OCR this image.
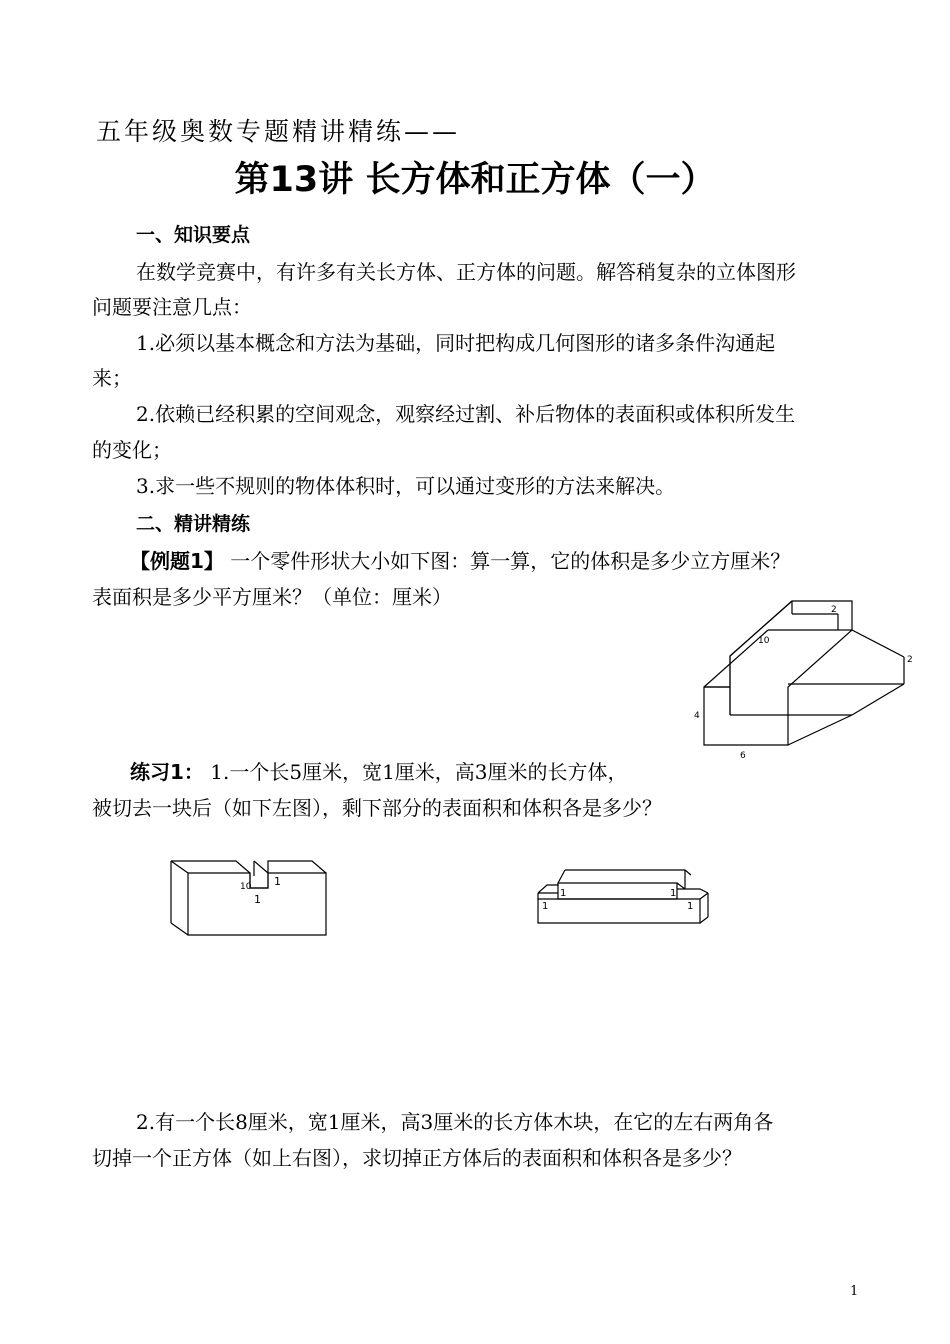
五年级奥数专题精讲精练——
第13讲 长方体和正方体（一）
一、知识要点
在数学竞赛中，有许多有关长方体、正方体的问题。解答稍复杂的立体图形
问题要注意几点：
1.必须以基本概念和方法为基础，同时把构成几何图形的诸多条件沟通起
来；
2.依赖已经积累的空间观念，观察经过割、补后物体的表面积或体积所发生
的变化；
3.求一些不规则的物体体积时，可以通过变形的方法来解决。
二、精讲精练
【例题1】 一个零件形状大小如下图：算一算，它的体积是多少立方厘米？
表面积是多少平方厘米？（单位：厘米）
2
10
2
4
6
练习1： 1.一个长5厘米，宽1厘米，高3厘米的长方体，
被切去一块后（如下左图），剩下部分的表面积和体积各是多少？
10 1
1	1	1
1	1
2.有一个长8厘米，宽1厘米，高3厘米的长方体木块，在它的左右两角各
切掉一个正方体（如上右图），求切掉正方体后的表面积和体积各是多少？
1
